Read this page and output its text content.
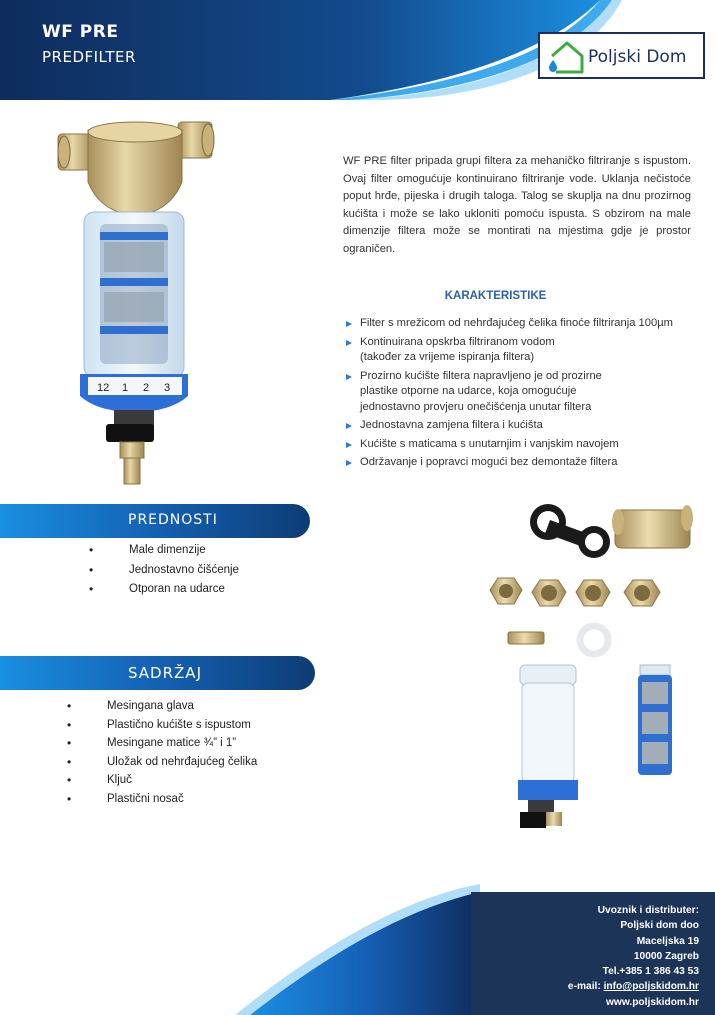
WF PRE
PREDFILTER	Poljski Dom
12 1 2 3

WF PRE filter pripada grupi filtera za mehaničko filtriranje s ispustom. Ovaj filter omogućuje kontinuirano filtriranje vode. Uklanja nečistoće poput hrđe, pijeska i drugih taloga. Talog se skuplja na dnu prozirnog kućišta i može se lako ukloniti pomoću ispusta. S obzirom na male dimenzije filtera može se montirati na mjestima gdje je prostor ograničen.

KARAKTERISTIKE
Filter s mrežicom od nehrđajućeg čelika finoće filtriranja 100µm
Kontinuirana opskrba filtriranom vodom (također za vrijeme ispiranja filtera)
Prozirno kućište filtera napravljeno je od prozirne plastike otporne na udarce, koja omogućuje jednostavno provjeru onečišćenja unutar filtera
Jednostavna zamjena filtera i kućišta
Kućište s maticama s unutarnjim i vanjskim navojem
Održavanje i popravci mogući bez demontaže filtera
PREDNOSTI
• Male dimenzije
• Jednostavno čišćenje
• Otporan na udarce
SADRŽAJ
• Mesingana glava
• Plastično kućište s ispustom
• Mesingane matice ¾” i 1”
• Uložak od nehrđajućeg čelika
• Ključ
• Plastični nosač
Uvoznik i distributer:
Poljski dom doo
Maceljska 19
10000 Zagreb
Tel.+385 1 386 43 53
e-mail: info@poljskidom.hr
www.poljskidom.hr
